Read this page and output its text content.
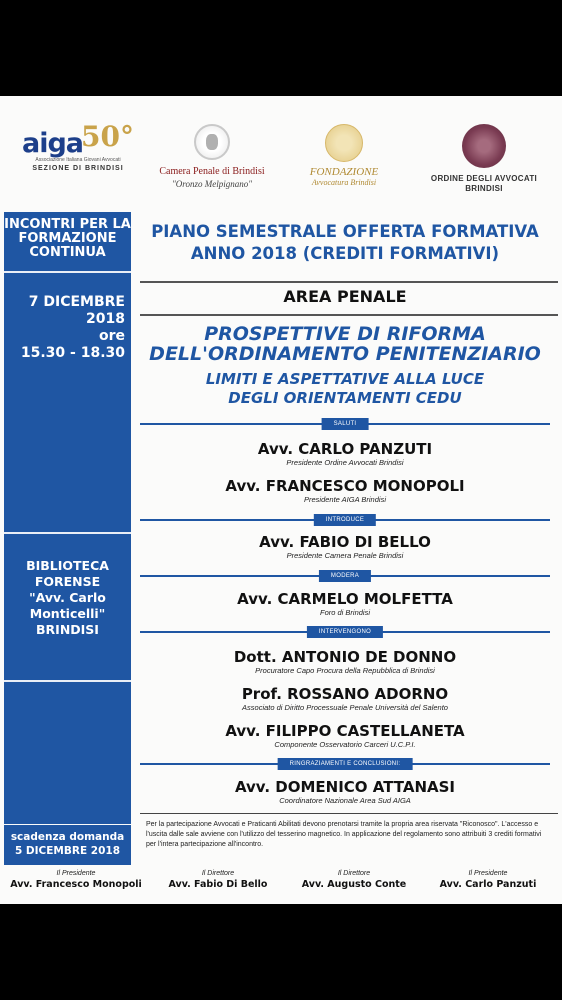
aiga50°
Associazione Italiana Giovani Avvocati
SEZIONE DI BRINDISI	Camera Penale di Brindisi
"Oronzo Melpignano"
FONDAZIONE
Avvocatura Brindisi	ORDINE DEGLI AVVOCATI
BRINDISI
INCONTRI PER LA
FORMAZIONE
CONTINUA
7 DICEMBRE
2018
ore
15.30 - 18.30
BIBLIOTECA
FORENSE
"Avv. Carlo
Monticelli"
BRINDISI
scadenza domanda
5 DICEMBRE 2018
PIANO SEMESTRALE OFFERTA FORMATIVA
ANNO 2018 (CREDITI FORMATIVI)
AREA PENALE
PROSPETTIVE DI RIFORMA
DELL'ORDINAMENTO PENITENZIARIO
LIMITI E ASPETTATIVE ALLA LUCE
DEGLI ORIENTAMENTI CEDU
SALUTI
Avv. CARLO PANZUTI
Presidente Ordine Avvocati Brindisi
Avv. FRANCESCO MONOPOLI
Presidente AIGA Brindisi
INTRODUCE
Avv. FABIO DI BELLO
Presidente Camera Penale Brindisi
MODERA
Avv. CARMELO MOLFETTA
Foro di Brindisi
INTERVENGONO
Dott. ANTONIO DE DONNO
Procuratore Capo Procura della Repubblica di Brindisi
Prof. ROSSANO ADORNO
Associato di Diritto Processuale Penale Università del Salento
Avv. FILIPPO CASTELLANETA
Componente Osservatorio Carceri U.C.P.I.
RINGRAZIAMENTI E CONCLUSIONI:
Avv. DOMENICO ATTANASI
Coordinatore Nazionale Area Sud AIGA
Per la partecipazione Avvocati e Praticanti Abilitati devono prenotarsi tramite la propria area riservata "Riconosco". L'accesso e l'uscita dalle sale avviene con l'utilizzo del tesserino magnetico. In applicazione del regolamento sono attribuiti 3 crediti formativi per l'intera partecipazione all'incontro.
Il Presidente
Avv. Francesco Monopoli
Il Direttore
Avv. Fabio Di Bello
Il Direttore
Avv. Augusto Conte
Il Presidente
Avv. Carlo Panzuti
